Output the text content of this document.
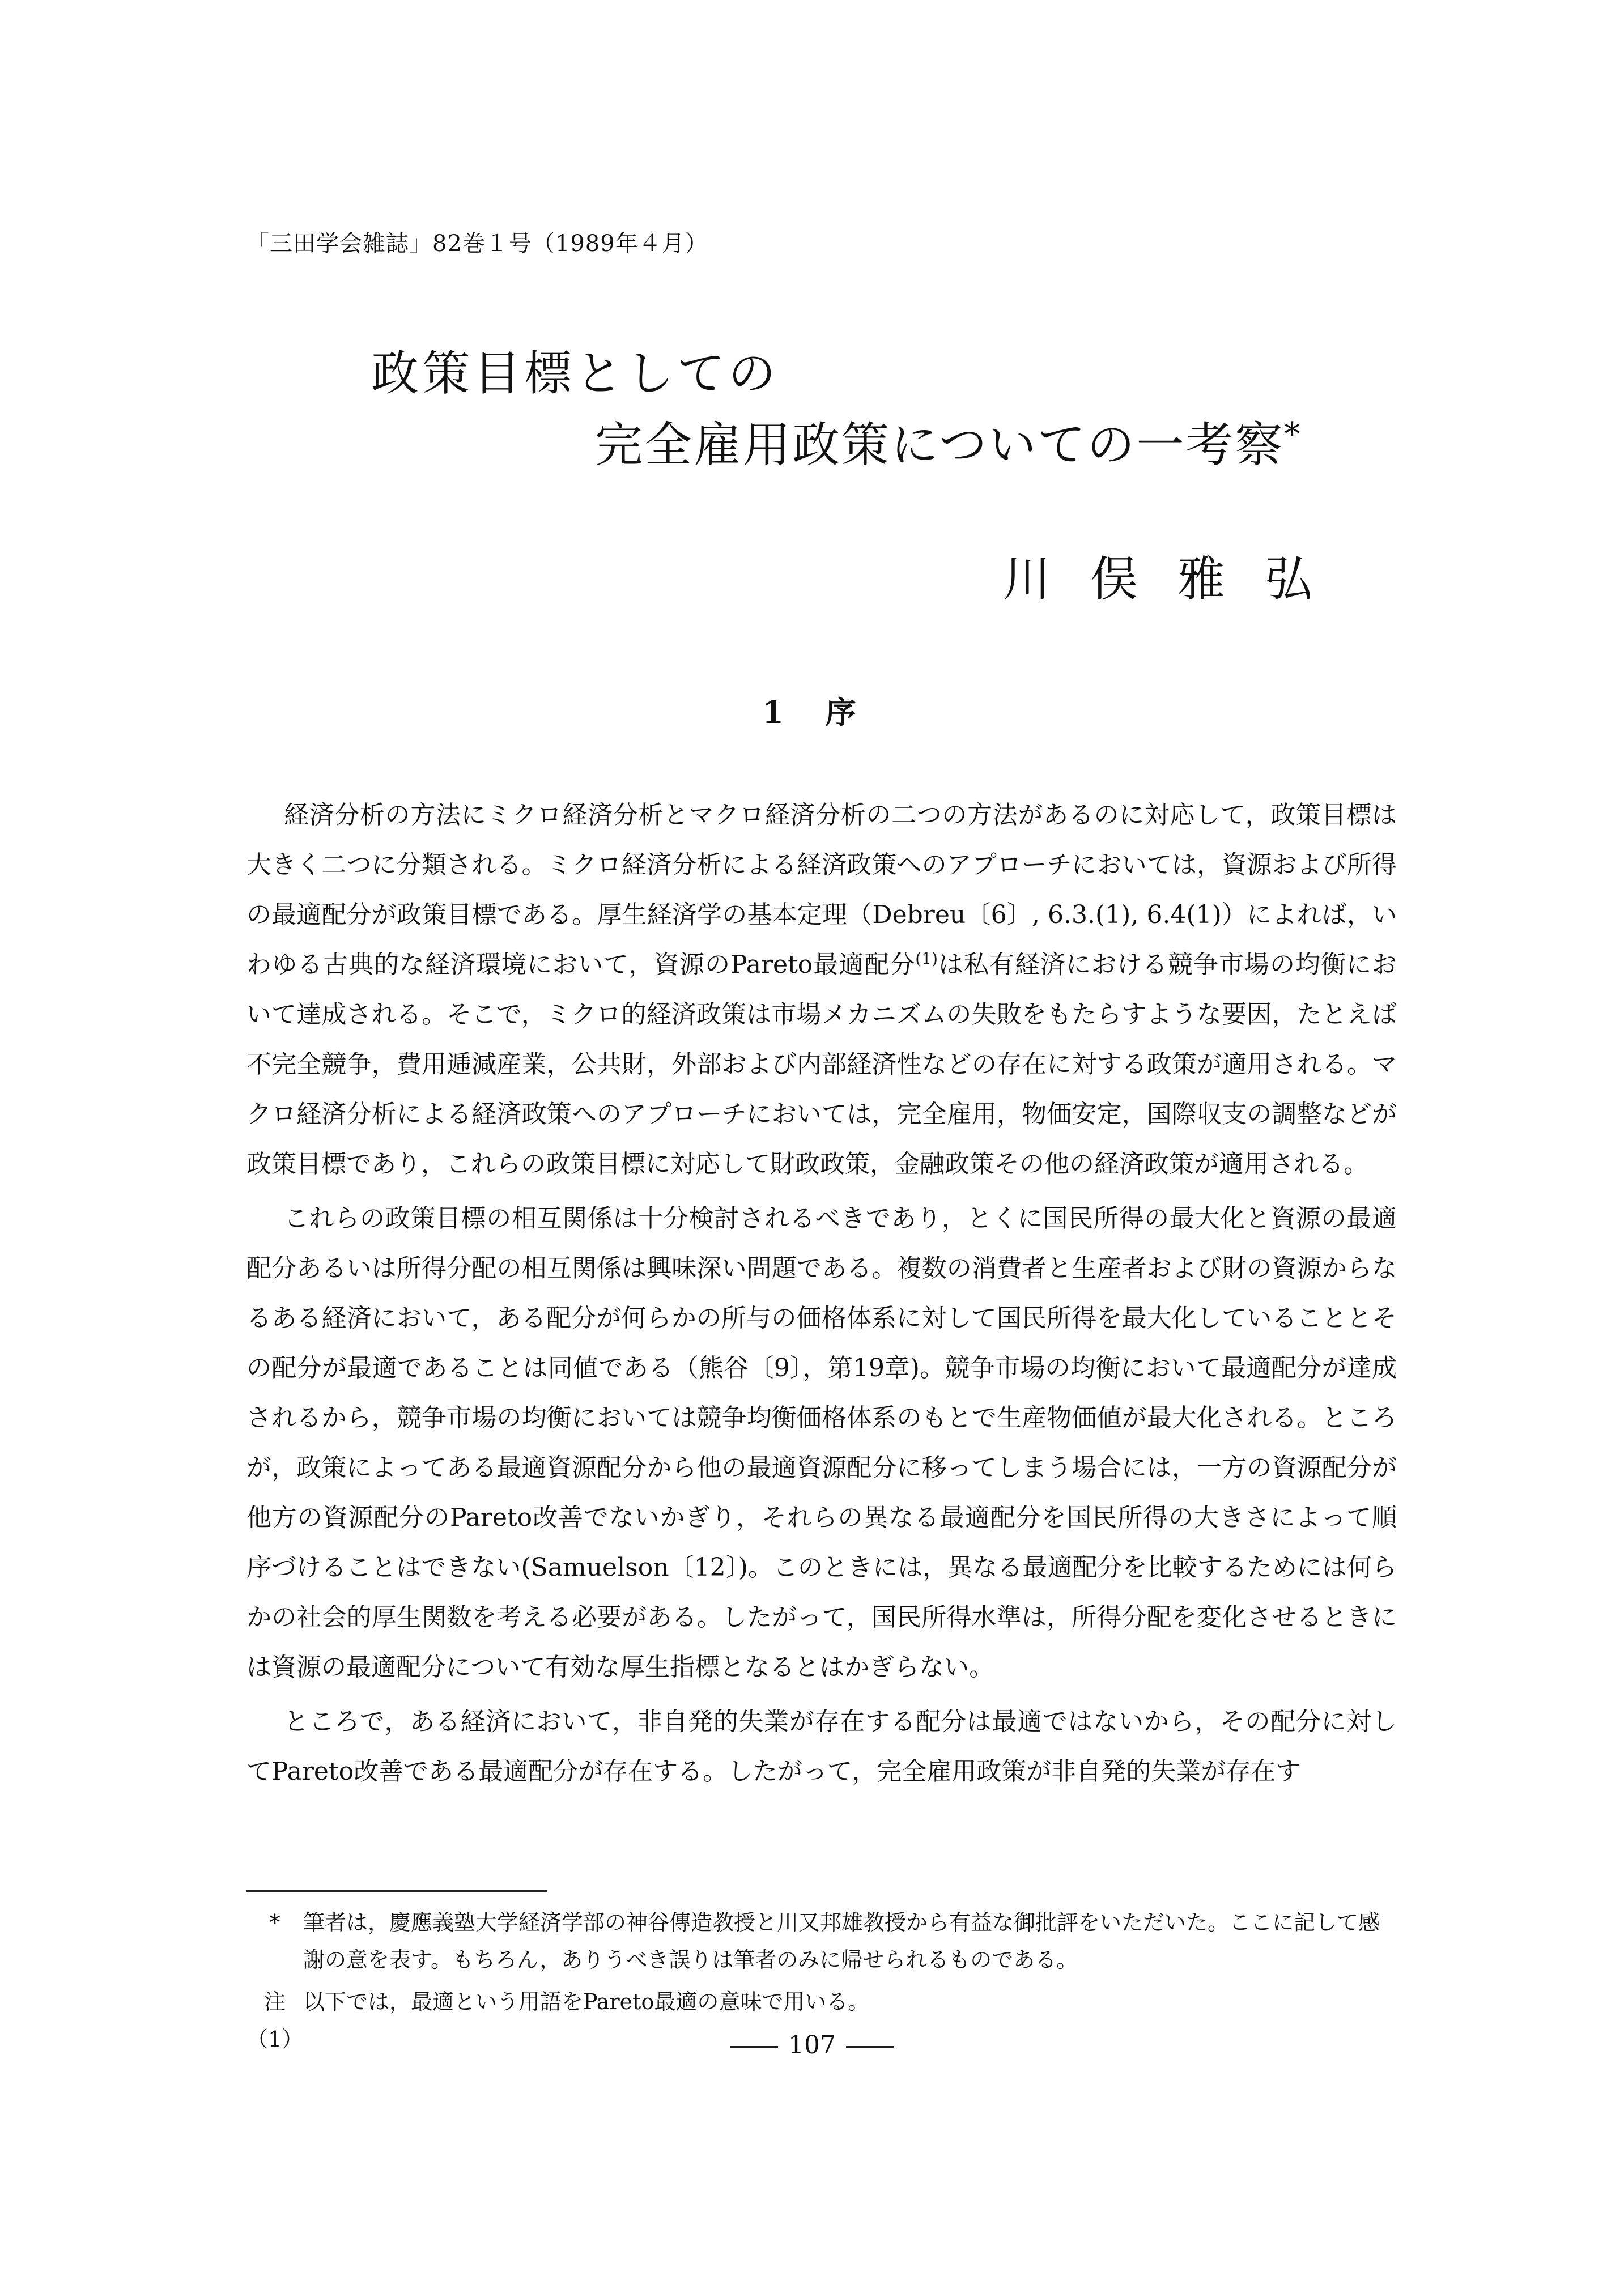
「三田学会雑誌」82巻１号（1989年４月）
政策目標としての
完全雇用政策についての一考察*
川俣雅弘
1　 序

経済分析の方法にミクロ経済分析とマクロ経済分析の二つの方法があるのに対応して，政策目標は大きく二つに分類される。ミクロ経済分析による経済政策へのアプローチにおいては，資源および所得の最適配分が政策目標である。厚生経済学の基本定理（Debreu〔6〕, 6.3.(1), 6.4(1)）によれば，いわゆる古典的な経済環境において，資源のPareto最適配分$^{(1)}$は私有経済における競争市場の均衡において達成される。そこで，ミクロ的経済政策は市場メカニズムの失敗をもたらすような要因，たとえば不完全競争，費用逓減産業，公共財，外部および内部経済性などの存在に対する政策が適用される。マクロ経済分析による経済政策へのアプローチにおいては，完全雇用，物価安定，国際収支の調整などが政策目標であり，これらの政策目標に対応して財政政策，金融政策その他の経済政策が適用される。

これらの政策目標の相互関係は十分検討されるべきであり，とくに国民所得の最大化と資源の最適配分あるいは所得分配の相互関係は興味深い問題である。複数の消費者と生産者および財の資源からなるある経済において，ある配分が何らかの所与の価格体系に対して国民所得を最大化していることとその配分が最適であることは同値である（熊谷〔9〕，第19章)。競争市場の均衡において最適配分が達成されるから，競争市場の均衡においては競争均衡価格体系のもとで生産物価値が最大化される。ところが，政策によってある最適資源配分から他の最適資源配分に移ってしまう場合には，一方の資源配分が他方の資源配分のPareto改善でないかぎり，それらの異なる最適配分を国民所得の大きさによって順序づけることはできない(Samuelson〔12〕)。このときには，異なる最適配分を比較するためには何らかの社会的厚生関数を考える必要がある。したがって，国民所得水準は，所得分配を変化させるときには資源の最適配分について有効な厚生指標となるとはかぎらない。

ところで，ある経済において，非自発的失業が存在する配分は最適ではないから，その配分に対してPareto改善である最適配分が存在する。したがって，完全雇用政策が非自発的失業が存在す

*	筆者は，慶應義塾大学経済学部の神谷傳造教授と川又邦雄教授から有益な御批評をいただいた。ここに記して感謝の意を表す。もちろん，ありうべき誤りは筆者のみに帰せられるものである。
注（1）
以下では，最適という用語をPareto最適の意味で用いる。
107
